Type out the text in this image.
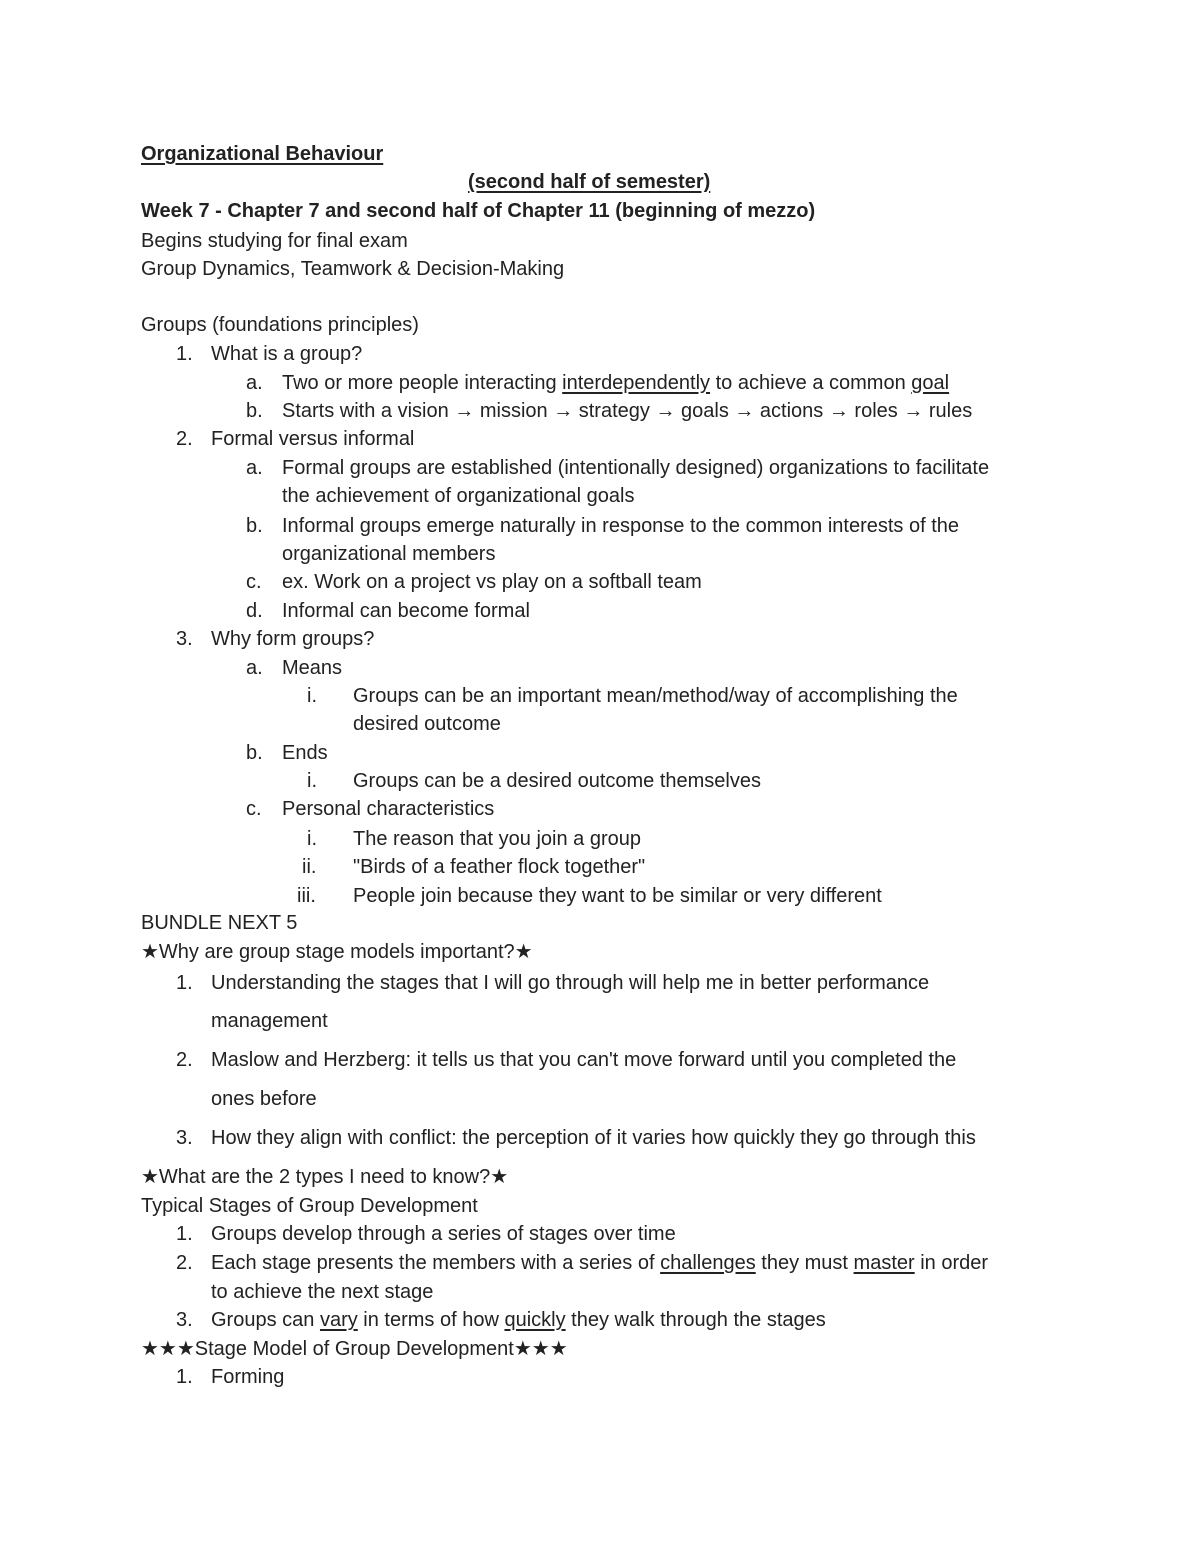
Organizational Behaviour
(second half of semester)
Week 7 - Chapter 7 and second half of Chapter 11 (beginning of mezzo)
Begins studying for final exam
Group Dynamics, Teamwork & Decision-Making
Groups (foundations principles)
1. What is a group?
a. Two or more people interacting interdependently to achieve a common goal
b. Starts with a vision → mission → strategy → goals → actions → roles → rules
2. Formal versus informal
a. Formal groups are established (intentionally designed) organizations to facilitate
the achievement of organizational goals
b. Informal groups emerge naturally in response to the common interests of the
organizational members
c. ex. Work on a project vs play on a softball team
d. Informal can become formal
3. Why form groups?
a. Means
i. Groups can be an important mean/method/way of accomplishing the
desired outcome
b. Ends
i. Groups can be a desired outcome themselves
c. Personal characteristics
i. The reason that you join a group
ii. "Birds of a feather flock together"
iii. People join because they want to be similar or very different
BUNDLE NEXT 5
★Why are group stage models important?★
1. Understanding the stages that I will go through will help me in better performance
management
2. Maslow and Herzberg: it tells us that you can't move forward until you completed the
ones before
3. How they align with conflict: the perception of it varies how quickly they go through this
★What are the 2 types I need to know?★
Typical Stages of Group Development
1. Groups develop through a series of stages over time
2. Each stage presents the members with a series of challenges they must master in order
to achieve the next stage
3. Groups can vary in terms of how quickly they walk through the stages
★★★Stage Model of Group Development★★★
1. Forming
